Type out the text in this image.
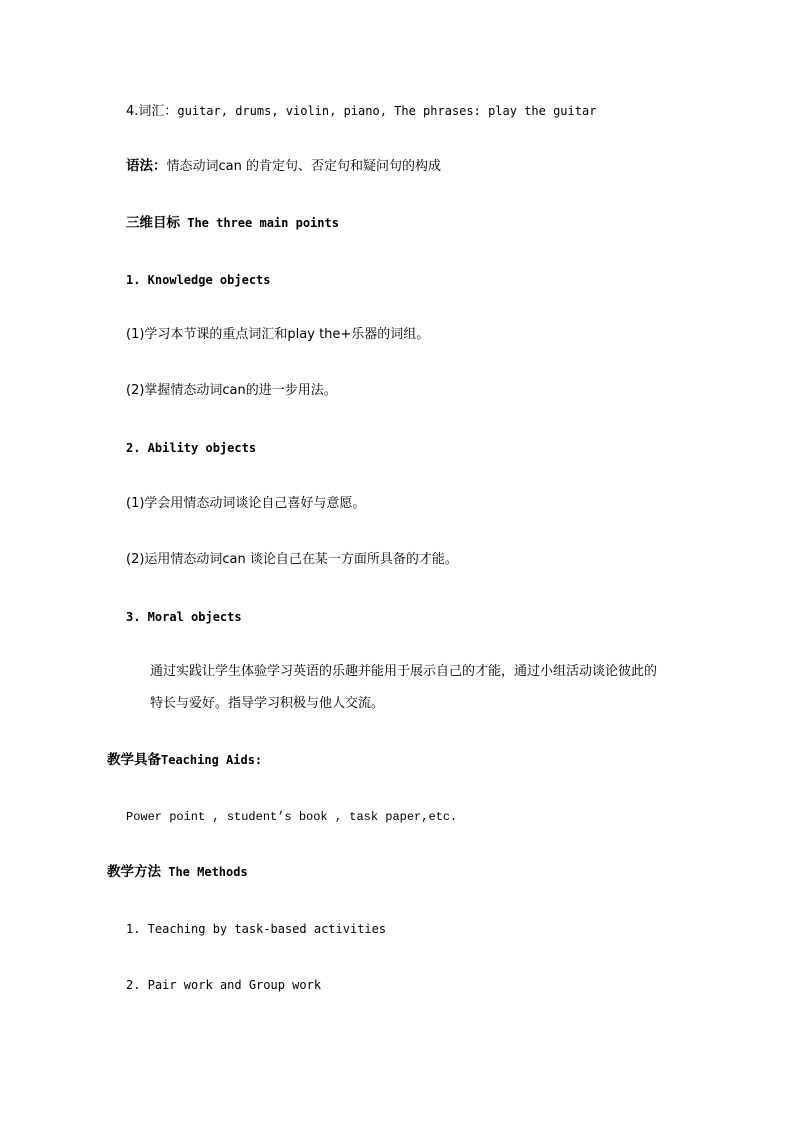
4.词汇：guitar, drums, violin, piano, The phrases: play the guitar
语法：情态动词can 的肯定句、否定句和疑问句的构成
三维目标 The three main points
1. Knowledge objects
(1)学习本节课的重点词汇和play the+乐器的词组。
(2)掌握情态动词can的进一步用法。
2. Ability objects
(1)学会用情态动词谈论自己喜好与意愿。
(2)运用情态动词can 谈论自己在某一方面所具备的才能。
3. Moral objects
通过实践让学生体验学习英语的乐趣并能用于展示自己的才能，通过小组活动谈论彼此的
特长与爱好。指导学习积极与他人交流。
教学具备Teaching Aids:
Power point , student’s book , task paper,etc.
教学方法 The Methods
1. Teaching by task-based activities
2. Pair work and Group work
